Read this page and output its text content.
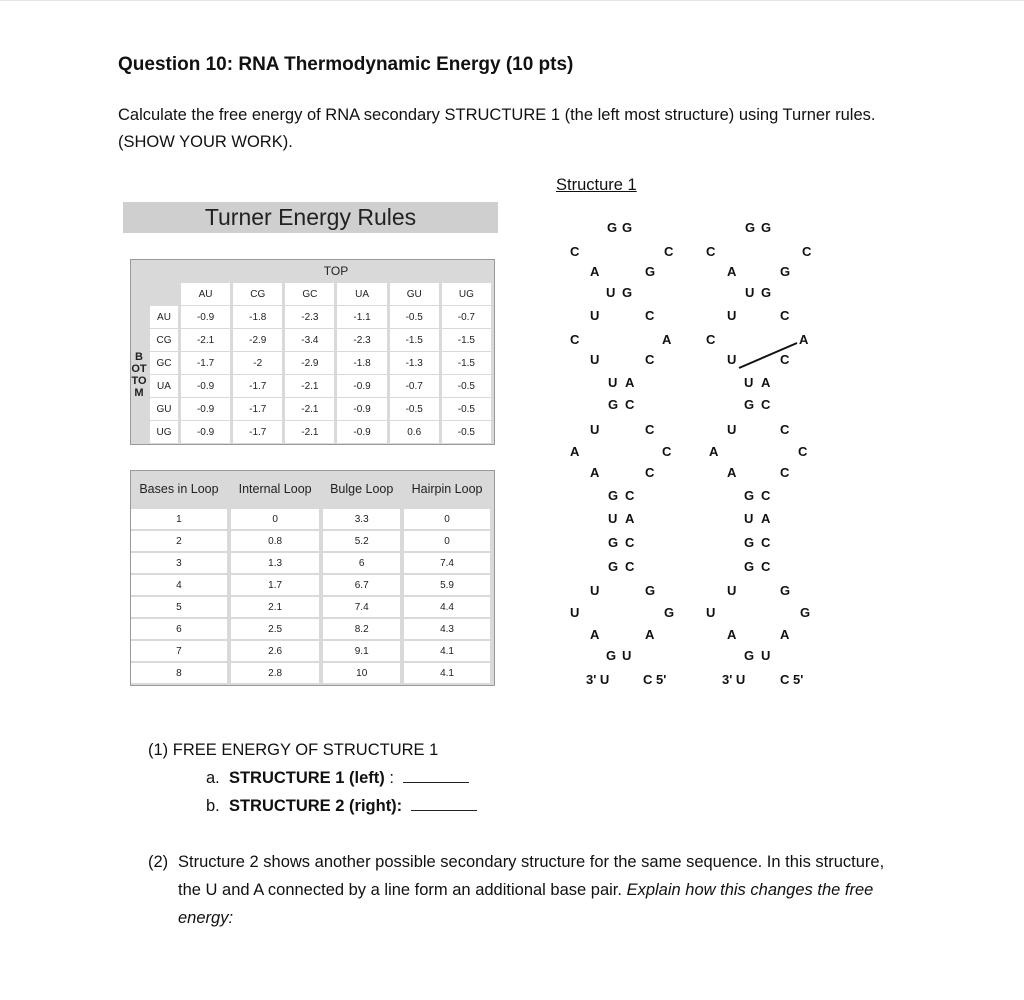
Question 10: RNA Thermodynamic Energy (10 pts)
Calculate the free energy of RNA secondary STRUCTURE 1 (the left most structure) using Turner rules. (SHOW YOUR WORK).
Structure 1
Turner Energy Rules
		TOP					
		AU	CG	GC	UA	GU	UG
BOTTOM	AU	-0.9	-1.8	-2.3	-1.1	-0.5	-0.7
	CG	-2.1	-2.9	-3.4	-2.3	-1.5	-1.5
	GC	-1.7	-2	-2.9	-1.8	-1.3	-1.5
	UA	-0.9	-1.7	-2.1	-0.9	-0.7	-0.5
	GU	-0.9	-1.7	-2.1	-0.9	-0.5	-0.5
	UG	-0.9	-1.7	-2.1	-0.9	0.6	-0.5
Bases in Loop	Internal Loop	Bulge Loop	Hairpin Loop
1	0	3.3	0
2	0.8	5.2	0
3	1.3	6	7.4
4	1.7	6.7	5.9
5	2.1	7.4	4.4
6	2.5	8.2	4.3
7	2.6	9.1	4.1
8	2.8	10	4.1
G G
C	C
A	G
U G
U	C
C	A
U	C
U A
G C
U	C
A	C
A	C
G C
U A
G C
G C
U	G
U	G
A	A
G U
3' U	C 5'
G G
C	C
A	G
U G
U	C
C	A
U	C
U A
G C
U	C
A	C
A	C
G C
U A
G C
G C
U	G
U	G
A	A
G U
3' U	C 5'
(1) FREE ENERGY OF STRUCTURE 1
a. STRUCTURE 1 (left) :
b. STRUCTURE 2 (right):
(2) Structure 2 shows another possible secondary structure for the same sequence. In this structure, the U and A connected by a line form an additional base pair. Explain how this changes the free energy:
